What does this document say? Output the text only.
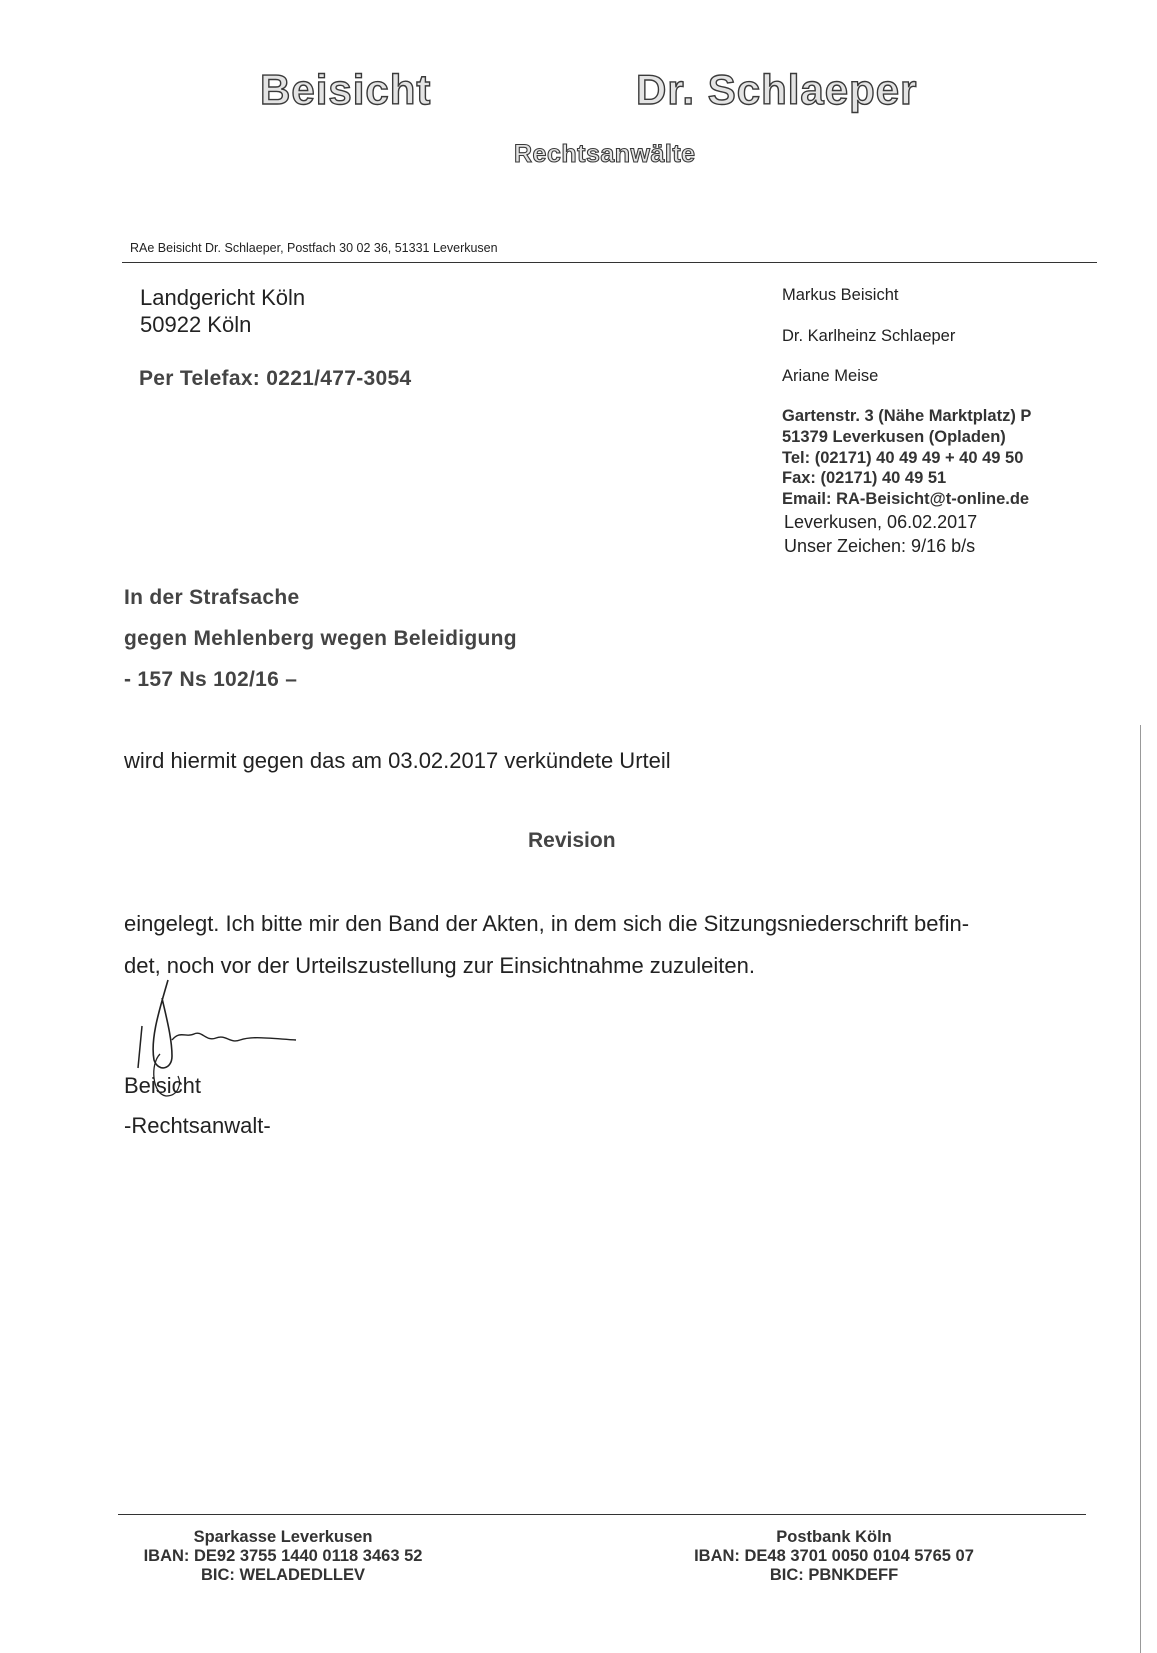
Beisicht	Dr. Schlaeper
Rechtsanwälte
RAe Beisicht Dr. Schlaeper, Postfach 30 02 36, 51331 Leverkusen
Landgericht Köln
50922 Köln
Per Telefax: 0221/477-3054
Markus Beisicht
Dr. Karlheinz Schlaeper
Ariane Meise
Gartenstr. 3 (Nähe Marktplatz) P
51379 Leverkusen (Opladen)
Tel: (02171) 40 49 49 + 40 49 50
Fax: (02171) 40 49 51
Email: RA-Beisicht@t-online.de
Leverkusen, 06.02.2017
Unser Zeichen: 9/16 b/s
In der Strafsache
gegen Mehlenberg wegen Beleidigung
- 157 Ns 102/16 –
wird hiermit gegen das am 03.02.2017 verkündete Urteil
Revision
eingelegt. Ich bitte mir den Band der Akten, in dem sich die Sitzungsniederschrift befin-
det, noch vor der Urteilszustellung zur Einsichtnahme zuzuleiten.
Beisicht
-Rechtsanwalt-
Sparkasse Leverkusen
IBAN: DE92 3755 1440 0118 3463 52
BIC: WELADEDLLEV
Postbank Köln
IBAN: DE48 3701 0050 0104 5765 07
BIC: PBNKDEFF
